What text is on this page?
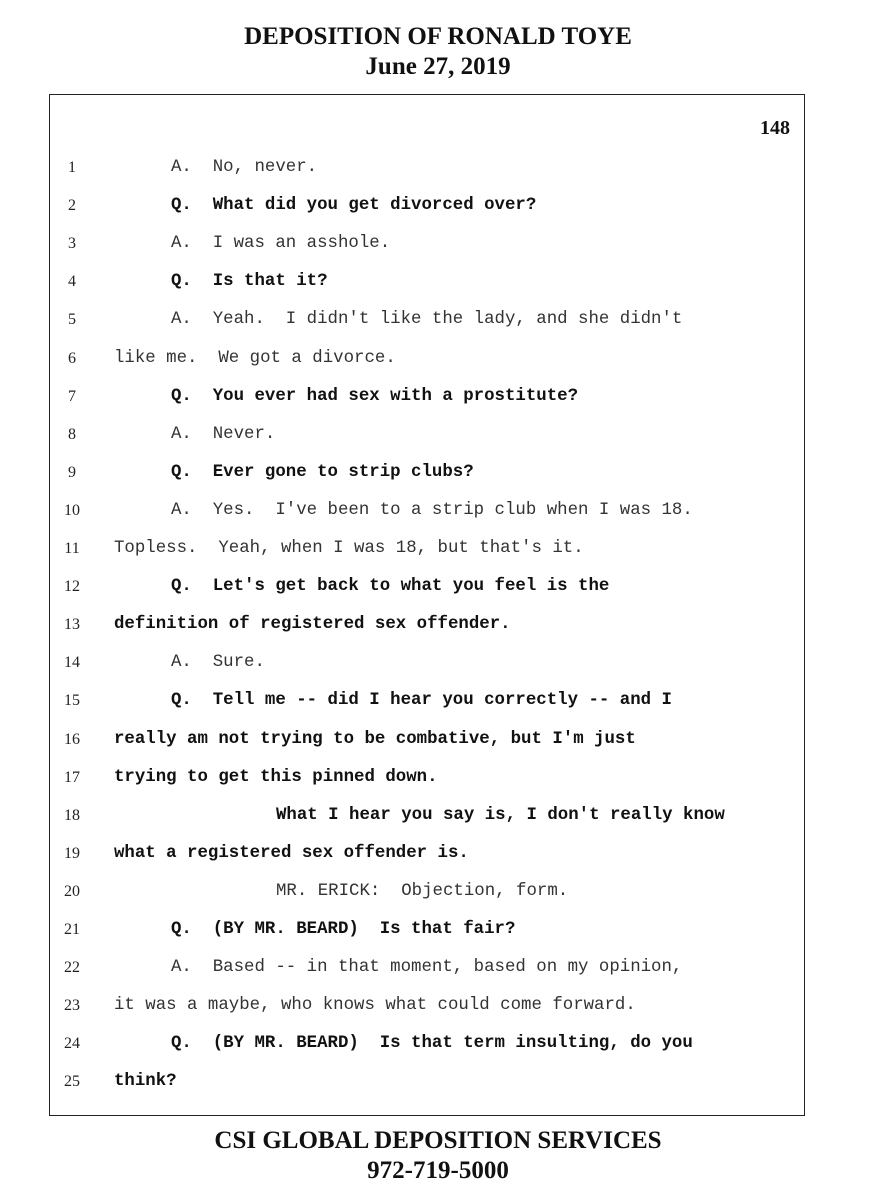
DEPOSITION OF RONALD TOYE
June 27, 2019
148
1	A.  No, never.
2	Q.  What did you get divorced over?
3	A.  I was an asshole.
4	Q.  Is that it?
5	A.  Yeah.  I didn't like the lady, and she didn't
6	like me.  We got a divorce.
7	Q.  You ever had sex with a prostitute?
8	A.  Never.
9	Q.  Ever gone to strip clubs?
10	A.  Yes.  I've been to a strip club when I was 18.
11	Topless.  Yeah, when I was 18, but that's it.
12	Q.  Let's get back to what you feel is the
13	definition of registered sex offender.
14	A.  Sure.
15	Q.  Tell me -- did I hear you correctly -- and I
16	really am not trying to be combative, but I'm just
17	trying to get this pinned down.
18	What I hear you say is, I don't really know
19	what a registered sex offender is.
20	MR. ERICK:  Objection, form.
21	Q.  (BY MR. BEARD)  Is that fair?
22	A.  Based -- in that moment, based on my opinion,
23	it was a maybe, who knows what could come forward.
24	Q.  (BY MR. BEARD)  Is that term insulting, do you
25	think?
CSI GLOBAL DEPOSITION SERVICES
972-719-5000
